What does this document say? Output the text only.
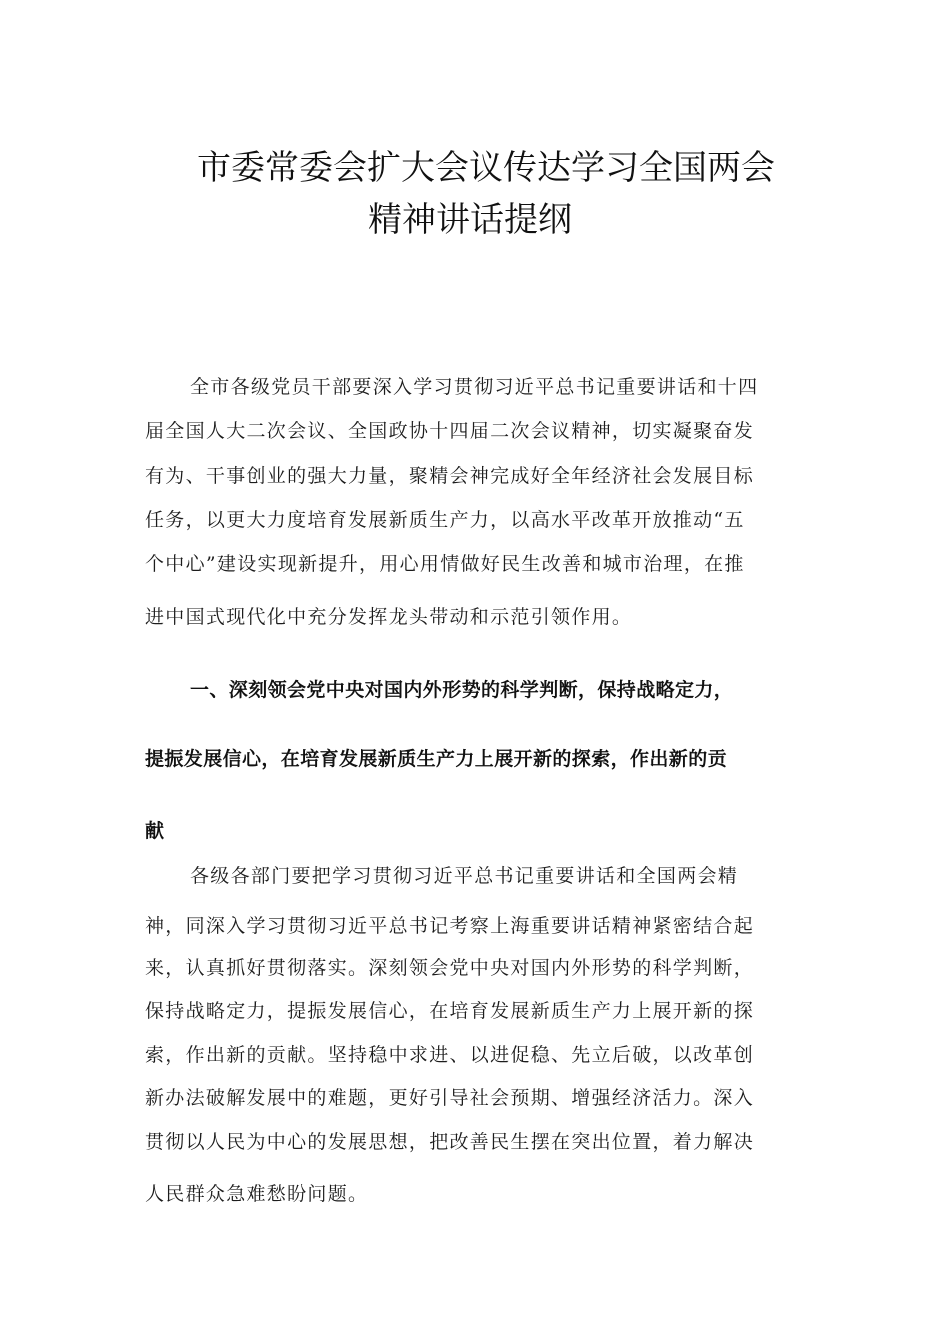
市委常委会扩大会议传达学习全国两会
精神讲话提纲
全市各级党员干部要深入学习贯彻习近平总书记重要讲话和十四
届全国人大二次会议、全国政协十四届二次会议精神，切实凝聚奋发
有为、干事创业的强大力量，聚精会神完成好全年经济社会发展目标
任务，以更大力度培育发展新质生产力，以高水平改革开放推动“五
个中心”建设实现新提升，用心用情做好民生改善和城市治理，在推
进中国式现代化中充分发挥龙头带动和示范引领作用。
一、深刻领会党中央对国内外形势的科学判断，保持战略定力，
提振发展信心，在培育发展新质生产力上展开新的探索，作出新的贡
献
各级各部门要把学习贯彻习近平总书记重要讲话和全国两会精
神，同深入学习贯彻习近平总书记考察上海重要讲话精神紧密结合起
来，认真抓好贯彻落实。深刻领会党中央对国内外形势的科学判断，
保持战略定力，提振发展信心，在培育发展新质生产力上展开新的探
索，作出新的贡献。坚持稳中求进、以进促稳、先立后破，以改革创
新办法破解发展中的难题，更好引导社会预期、增强经济活力。深入
贯彻以人民为中心的发展思想，把改善民生摆在突出位置，着力解决
人民群众急难愁盼问题。
